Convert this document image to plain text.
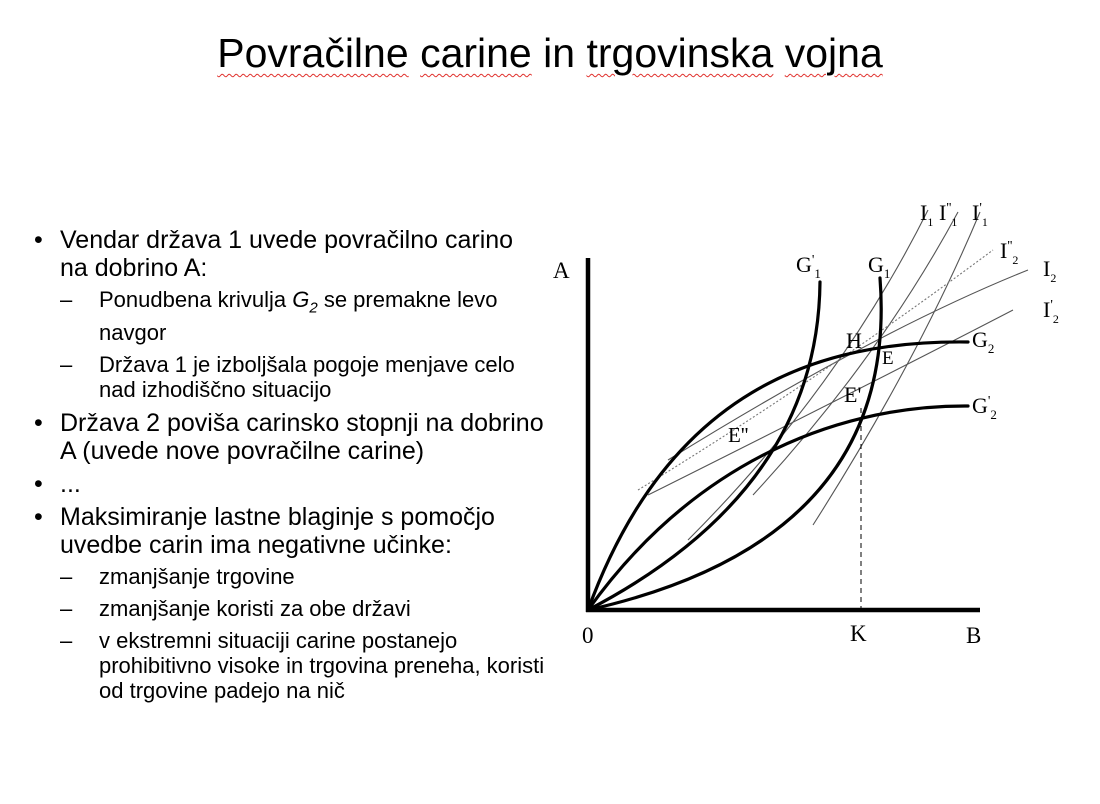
Povračilne carine in trgovinska vojna
• Vendar država 1 uvede povračilno carino na dobrino A:
– Ponudbena krivulja $G_2$ se premakne levo navgor
– Država 1 je izboljšala pogoje menjave celo nad izhodiščno situacijo
• Država 2 poviša carinsko stopnji na dobrino A (uvede nove povračilne carine)
• ...
• Maksimiranje lastne blaginje s pomočjo uvedbe carin ima negativne učinke:
– zmanjšanje trgovine
– zmanjšanje koristi za obe državi
– v ekstremni situaciji carine postanejo prohibitivno visoke in trgovina preneha, koristi od trgovine padejo na nič
A
B
0	K
H
E
E'
E''
$G'_1$ $G_1$
$G_2$
$G'_2$
$I_1$ $I''_1$ $I'_1$
$I''_2$ $I_2$
$I'_2$
